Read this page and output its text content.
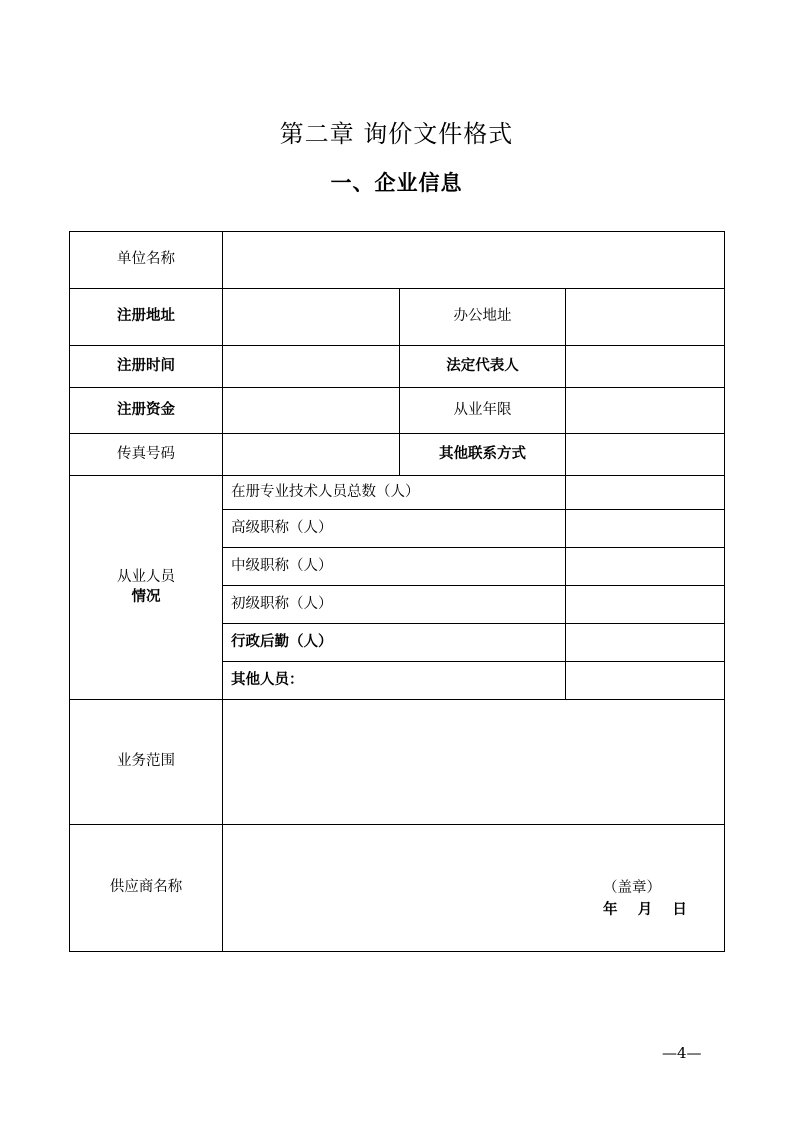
第二章 询价文件格式
一、企业信息
单位名称			
注册地址		办公地址	
注册时间		法定代表人	
注册资金		从业年限	
传真号码		其他联系方式	

从业人员
情况	在册专业技术人员总数（人）		
	高级职称（人）		
	中级职称（人）		
	初级职称（人）		
	行政后勤（人）		
	其他人员：		
业务范围			
供应商名称	（盖章）
年    月    日		
—4—
